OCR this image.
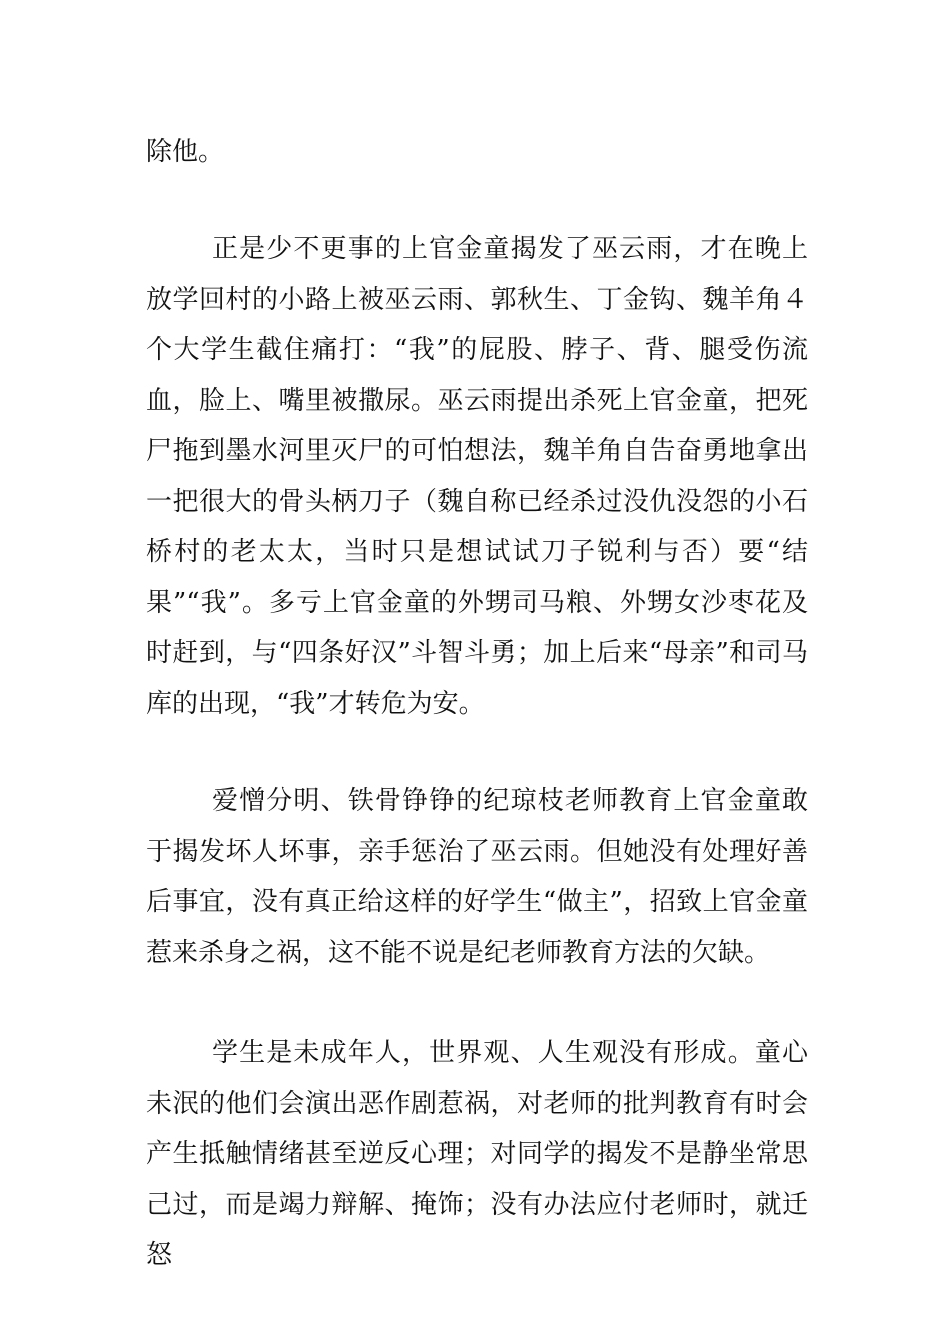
除他。

正是少不更事的上官金童揭发了巫云雨，才在晚上放学回村的小路上被巫云雨、郭秋生、丁金钩、魏羊角４个大学生截住痛打：“我”的屁股、脖子、背、腿受伤流血，脸上、嘴里被撒尿。巫云雨提出杀死上官金童，把死尸拖到墨水河里灭尸的可怕想法，魏羊角自告奋勇地拿出一把很大的骨头柄刀子（魏自称已经杀过没仇没怨的小石桥村的老太太，当时只是想试试刀子锐利与否）要“结果”“我”。多亏上官金童的外甥司马粮、外甥女沙枣花及时赶到，与“四条好汉”斗智斗勇；加上后来“母亲”和司马库的出现，“我”才转危为安。

爱憎分明、铁骨铮铮的纪琼枝老师教育上官金童敢于揭发坏人坏事，亲手惩治了巫云雨。但她没有处理好善后事宜，没有真正给这样的好学生“做主”，招致上官金童惹来杀身之祸，这不能不说是纪老师教育方法的欠缺。

学生是未成年人，世界观、人生观没有形成。童心未泯的他们会演出恶作剧惹祸，对老师的批判教育有时会产生抵触情绪甚至逆反心理；对同学的揭发不是静坐常思己过，而是竭力辩解、掩饰；没有办法应付老师时，就迁怒
